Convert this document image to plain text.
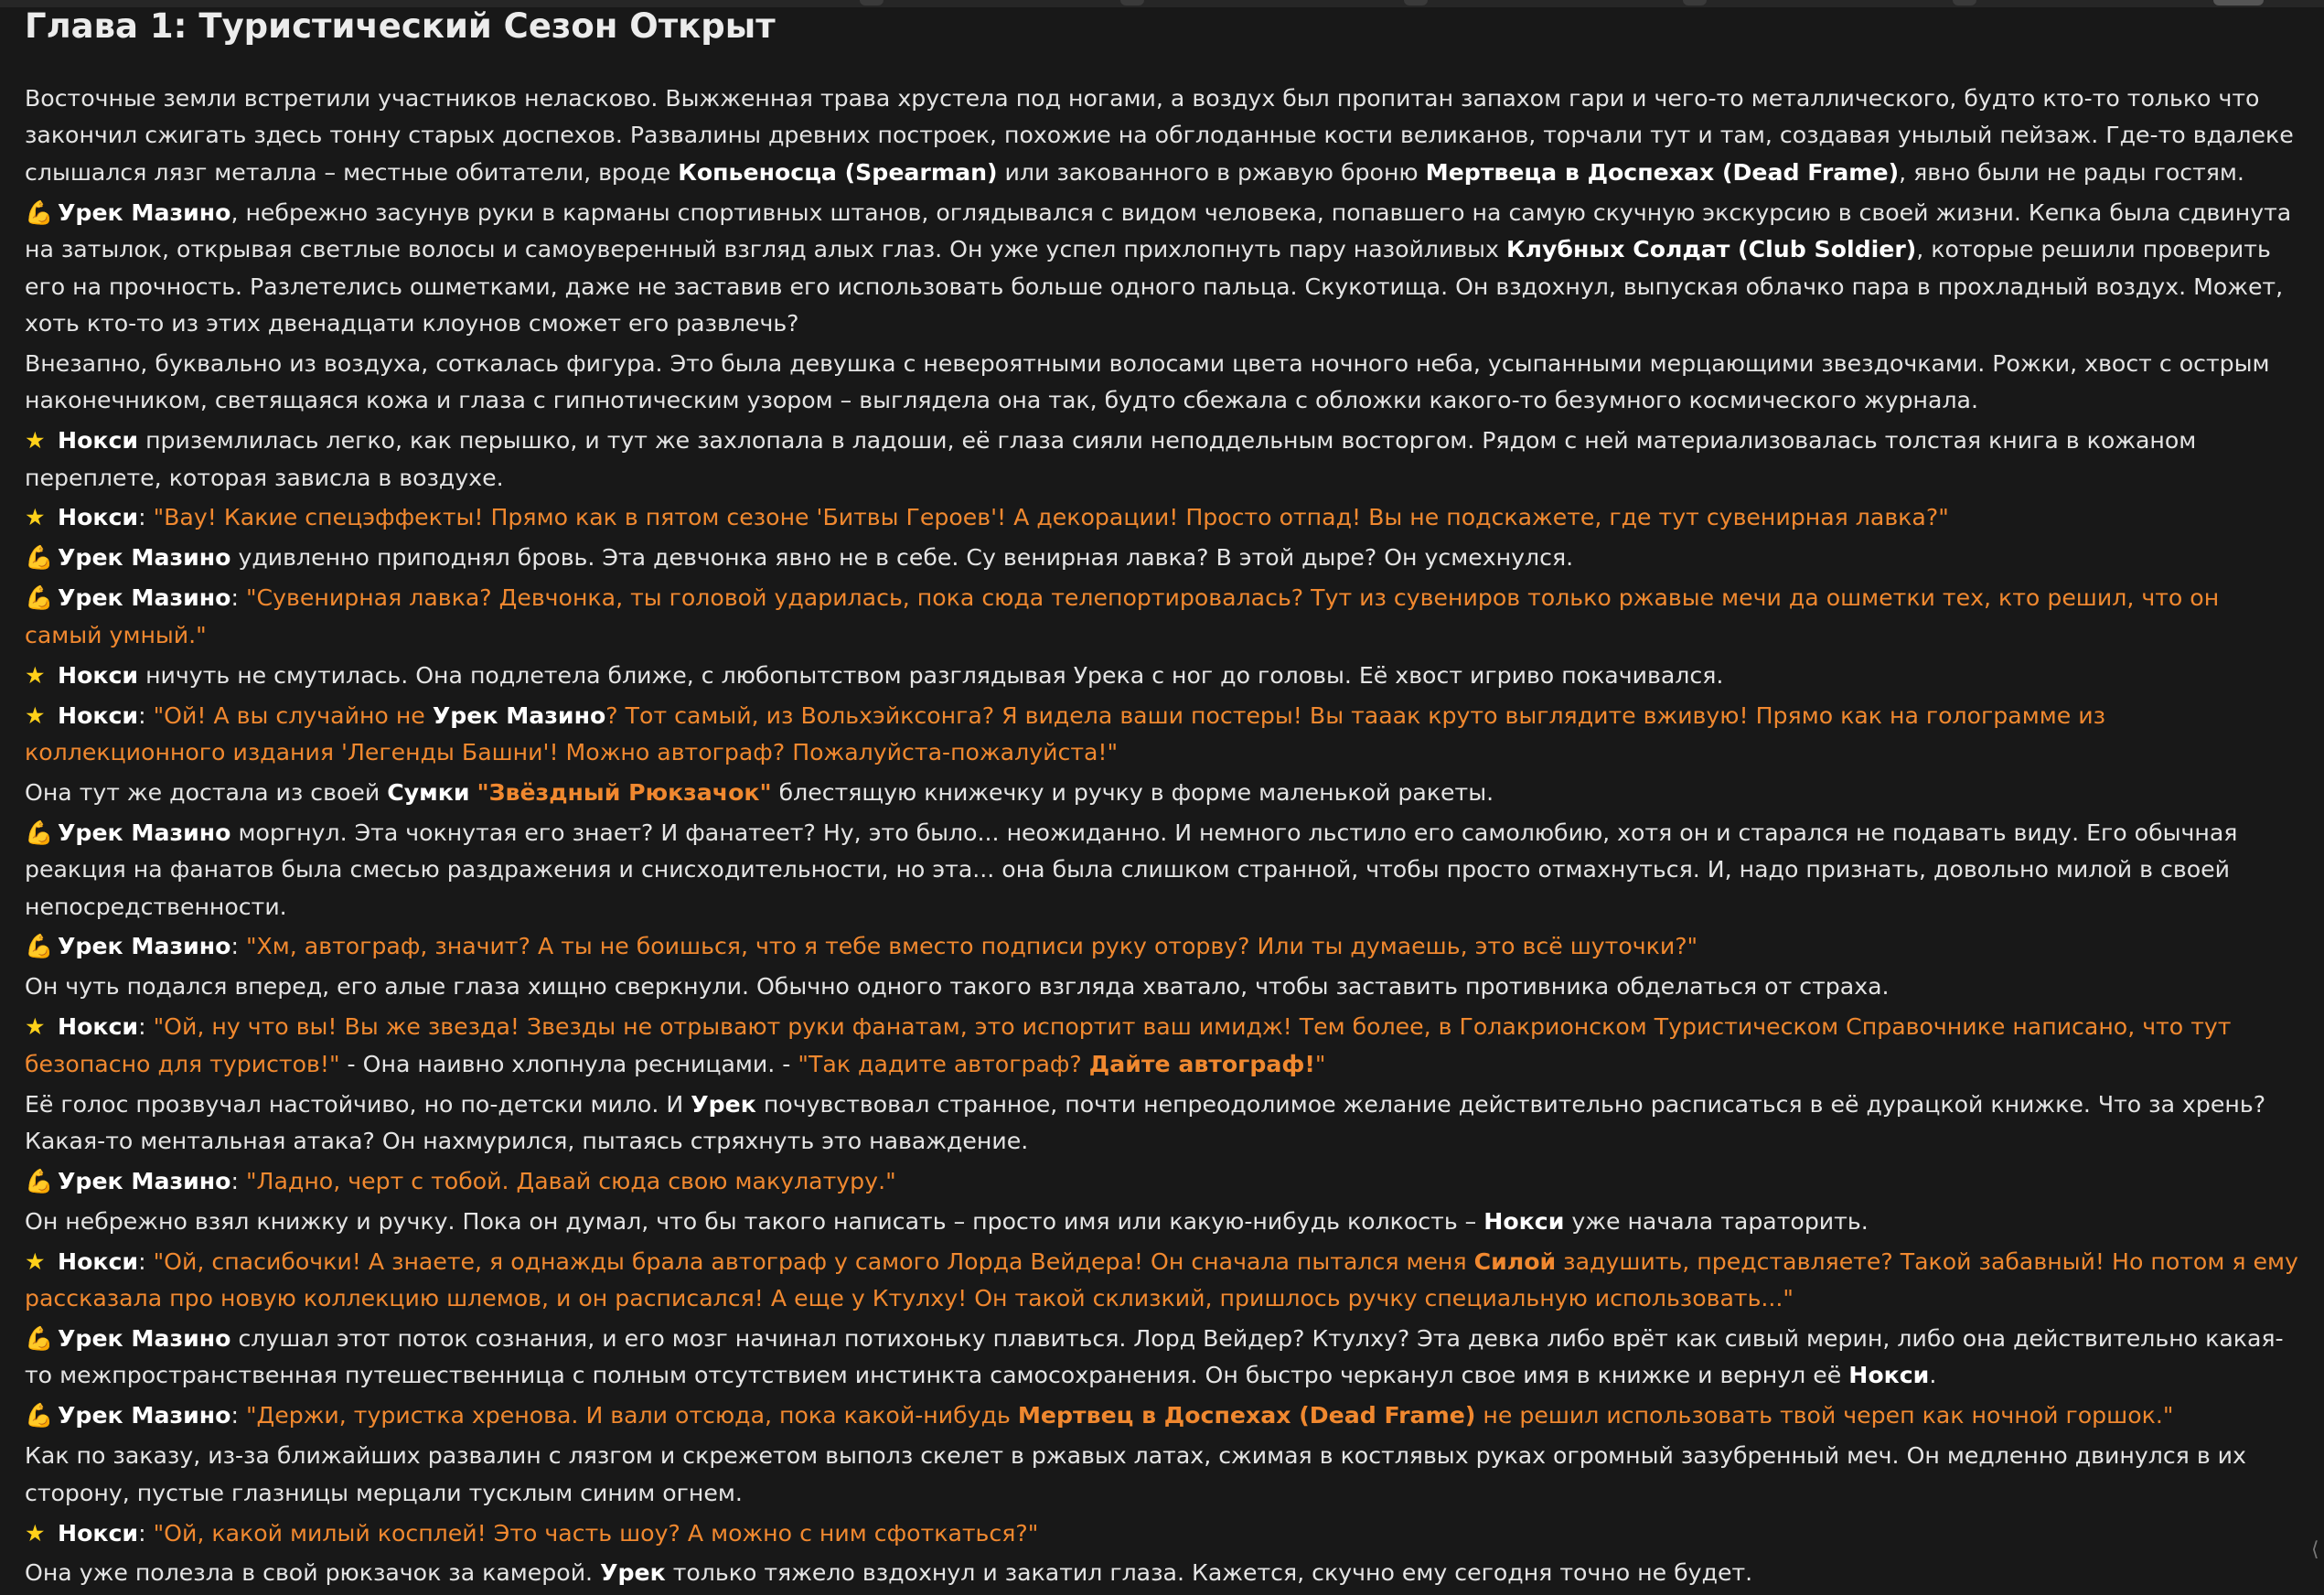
Глава 1: Туристический Сезон Открыт

Восточные земли встретили участников неласково. Выжженная трава хрустела под ногами, а воздух был пропитан запахом гари и чего-то металлического, будто кто-то только что закончил сжигать здесь тонну старых доспехов. Развалины древних построек, похожие на обглоданные кости великанов, торчали тут и там, создавая унылый пейзаж. Где-то вдалеке слышался лязг металла – местные обитатели, вроде Копьеносца (Spearman) или закованного в ржавую броню Мертвеца в Доспехах (Dead Frame), явно были не рады гостям.

💪 Урек Мазино, небрежно засунув руки в карманы спортивных штанов, оглядывался с видом человека, попавшего на самую скучную экскурсию в своей жизни. Кепка была сдвинута на затылок, открывая светлые волосы и самоуверенный взгляд алых глаз. Он уже успел прихлопнуть пару назойливых Клубных Солдат (Club Soldier), которые решили проверить его на прочность. Разлетелись ошметками, даже не заставив его использовать больше одного пальца. Скукотища. Он вздохнул, выпуская облачко пара в прохладный воздух. Может, хоть кто-то из этих двенадцати клоунов сможет его развлечь?

Внезапно, буквально из воздуха, соткалась фигура. Это была девушка с невероятными волосами цвета ночного неба, усыпанными мерцающими звездочками. Рожки, хвост с острым наконечником, светящаяся кожа и глаза с гипнотическим узором – выглядела она так, будто сбежала с обложки какого-то безумного космического журнала.

★ Нокси приземлилась легко, как перышко, и тут же захлопала в ладоши, её глаза сияли неподдельным восторгом. Рядом с ней материализовалась толстая книга в кожаном переплете, которая зависла в воздухе.

★ Нокси: "Вау! Какие спецэффекты! Прямо как в пятом сезоне 'Битвы Героев'! А декорации! Просто отпад! Вы не подскажете, где тут сувенирная лавка?"

💪 Урек Мазино удивленно приподнял бровь. Эта девчонка явно не в себе. Су венирная лавка? В этой дыре? Он усмехнулся.

💪 Урек Мазино: "Сувенирная лавка? Девчонка, ты головой ударилась, пока сюда телепортировалась? Тут из сувениров только ржавые мечи да ошметки тех, кто решил, что он самый умный."

★ Нокси ничуть не смутилась. Она подлетела ближе, с любопытством разглядывая Урека с ног до головы. Её хвост игриво покачивался.

★ Нокси: "Ой! А вы случайно не Урек Мазино? Тот самый, из Вольхэйксонга? Я видела ваши постеры! Вы тааак круто выглядите вживую! Прямо как на голограмме из коллекционного издания 'Легенды Башни'! Можно автограф? Пожалуйста-пожалуйста!"

Она тут же достала из своей Сумки "Звёздный Рюкзачок" блестящую книжечку и ручку в форме маленькой ракеты.

💪 Урек Мазино моргнул. Эта чокнутая его знает? И фанатеет? Ну, это было... неожиданно. И немного льстило его самолюбию, хотя он и старался не подавать виду. Его обычная реакция на фанатов была смесью раздражения и снисходительности, но эта... она была слишком странной, чтобы просто отмахнуться. И, надо признать, довольно милой в своей непосредственности.

💪 Урек Мазино: "Хм, автограф, значит? А ты не боишься, что я тебе вместо подписи руку оторву? Или ты думаешь, это всё шуточки?"

Он чуть подался вперед, его алые глаза хищно сверкнули. Обычно одного такого взгляда хватало, чтобы заставить противника обделаться от страха.

★ Нокси: "Ой, ну что вы! Вы же звезда! Звезды не отрывают руки фанатам, это испортит ваш имидж! Тем более, в Голакрионском Туристическом Справочнике написано, что тут безопасно для туристов!" - Она наивно хлопнула ресницами. - "Так дадите автограф? Дайте автограф!"

Её голос прозвучал настойчиво, но по-детски мило. И Урек почувствовал странное, почти непреодолимое желание действительно расписаться в её дурацкой книжке. Что за хрень? Какая-то ментальная атака? Он нахмурился, пытаясь стряхнуть это наваждение.

💪 Урек Мазино: "Ладно, черт с тобой. Давай сюда свою макулатуру."

Он небрежно взял книжку и ручку. Пока он думал, что бы такого написать – просто имя или какую-нибудь колкость – Нокси уже начала тараторить.

★ Нокси: "Ой, спасибочки! А знаете, я однажды брала автограф у самого Лорда Вейдера! Он сначала пытался меня Силой задушить, представляете? Такой забавный! Но потом я ему рассказала про новую коллекцию шлемов, и он расписался! А еще у Ктулху! Он такой склизкий, пришлось ручку специальную использовать..."

💪 Урек Мазино слушал этот поток сознания, и его мозг начинал потихоньку плавиться. Лорд Вейдер? Ктулху? Эта девка либо врёт как сивый мерин, либо она действительно какая-то межпространственная путешественница с полным отсутствием инстинкта самосохранения. Он быстро черканул свое имя в книжке и вернул её Нокси.

💪 Урек Мазино: "Держи, туристка хренова. И вали отсюда, пока какой-нибудь Мертвец в Доспехах (Dead Frame) не решил использовать твой череп как ночной горшок."

Как по заказу, из-за ближайших развалин с лязгом и скрежетом выполз скелет в ржавых латах, сжимая в костлявых руках огромный зазубренный меч. Он медленно двинулся в их сторону, пустые глазницы мерцали тусклым синим огнем.

★ Нокси: "Ой, какой милый косплей! Это часть шоу? А можно с ним сфоткаться?"

Она уже полезла в свой рюкзачок за камерой. Урек только тяжело вздохнул и закатил глаза. Кажется, скучно ему сегодня точно не будет.

⟨
